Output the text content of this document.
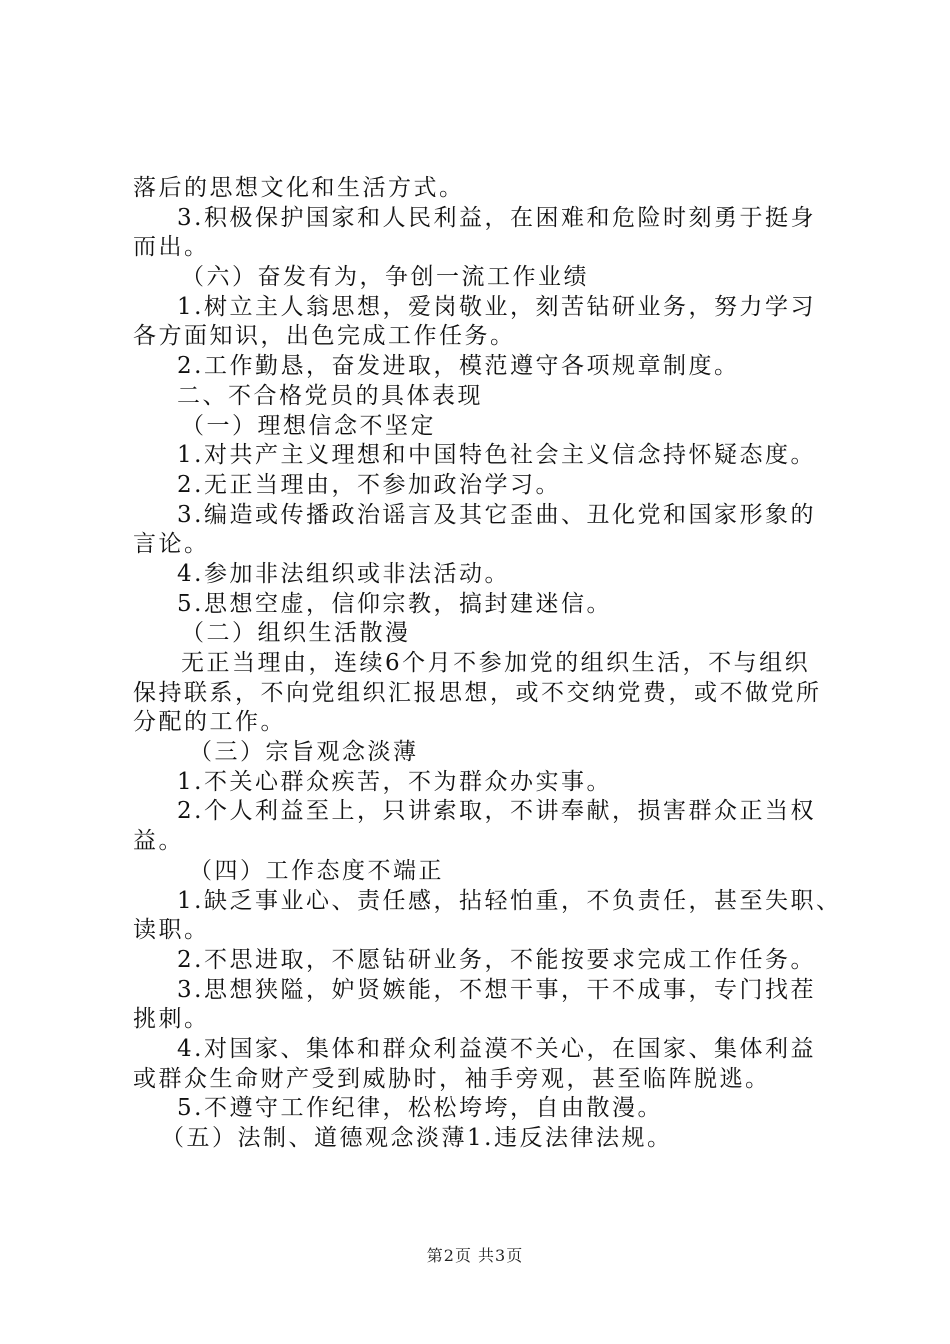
落后的思想文化和生活方式。
3.积极保护国家和人民利益，在困难和危险时刻勇于挺身
而出。
（六）奋发有为，争创一流工作业绩
1.树立主人翁思想，爱岗敬业，刻苦钻研业务，努力学习
各方面知识，出色完成工作任务。
2.工作勤恳，奋发进取，模范遵守各项规章制度。
二、不合格党员的具体表现
（一）理想信念不坚定
1.对共产主义理想和中国特色社会主义信念持怀疑态度。
2.无正当理由，不参加政治学习。
3.编造或传播政治谣言及其它歪曲、丑化党和国家形象的
言论。
4.参加非法组织或非法活动。
5.思想空虚，信仰宗教，搞封建迷信。
（二）组织生活散漫
无正当理由，连续6个月不参加党的组织生活，不与组织
保持联系，不向党组织汇报思想，或不交纳党费，或不做党所
分配的工作。
（三）宗旨观念淡薄
1.不关心群众疾苦，不为群众办实事。
2.个人利益至上，只讲索取，不讲奉献，损害群众正当权
益。
（四）工作态度不端正
1.缺乏事业心、责任感，拈轻怕重，不负责任，甚至失职、
读职。
2.不思进取，不愿钻研业务，不能按要求完成工作任务。
3.思想狭隘，妒贤嫉能，不想干事，干不成事，专门找茬
挑刺。
4.对国家、集体和群众利益漠不关心，在国家、集体利益
或群众生命财产受到威胁时，袖手旁观，甚至临阵脱逃。
5.不遵守工作纪律，松松垮垮，自由散漫。
（五）法制、道德观念淡薄1.违反法律法规。
第2页 共3页
